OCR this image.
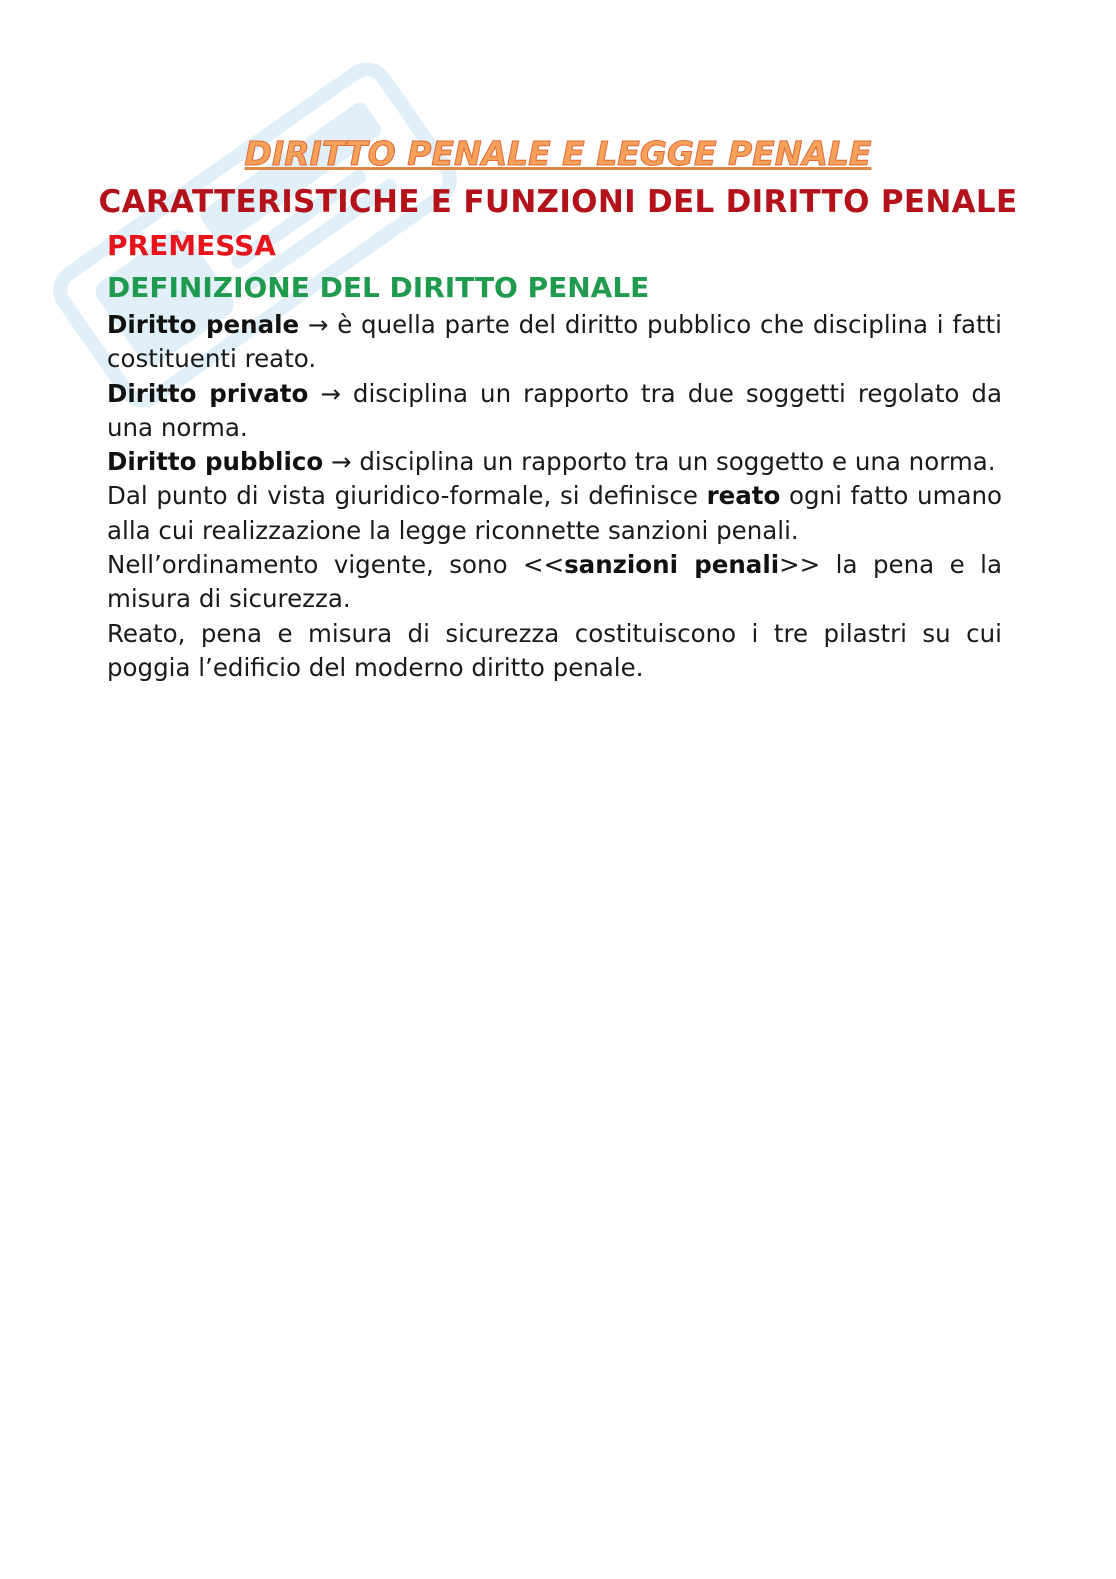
DIRITTO PENALE E LEGGE PENALE
CARATTERISTICHE E FUNZIONI DEL DIRITTO PENALE
PREMESSA
DEFINIZIONE DEL DIRITTO PENALE

Diritto penale → è quella parte del diritto pubblico che disciplina i fatti costituenti reato.

Diritto privato → disciplina un rapporto tra due soggetti regolato da una norma.

Diritto pubblico → disciplina un rapporto tra un soggetto e una norma.

Dal punto di vista giuridico-formale, si definisce reato ogni fatto umano alla cui realizzazione la legge riconnette sanzioni penali.

Nell’ordinamento vigente, sono <<sanzioni penali>> la pena e la misura di sicurezza.

Reato, pena e misura di sicurezza costituiscono i tre pilastri su cui poggia l’edificio del moderno diritto penale.
